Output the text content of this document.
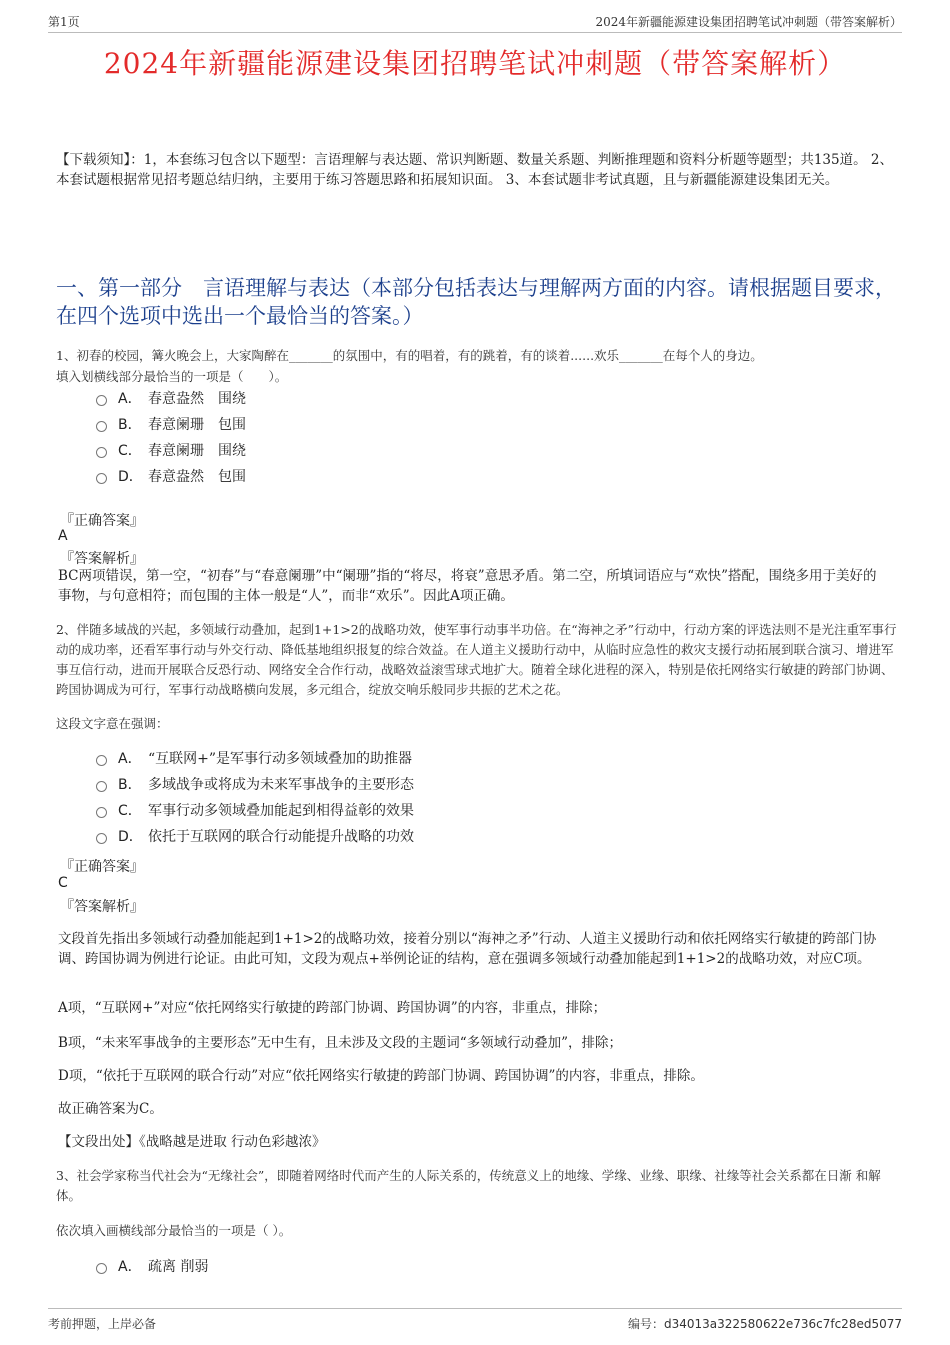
第1页	2024年新疆能源建设集团招聘笔试冲刺题（带答案解析）
2024年新疆能源建设集团招聘笔试冲刺题（带答案解析）
【下载须知】：1，本套练习包含以下题型：言语理解与表达题、常识判断题、数量关系题、判断推理题和资料分析题等题型；共135道。 2、本套试题根据常见招考题总结归纳，主要用于练习答题思路和拓展知识面。 3、本套试题非考试真题，且与新疆能源建设集团无关。
一、第一部分　言语理解与表达（本部分包括表达与理解两方面的内容。请根据题目要求，在四个选项中选出一个最恰当的答案。）
1、初春的校园，篝火晚会上，大家陶醉在_______的氛围中，有的唱着，有的跳着，有的谈着......欢乐_______在每个人的身边。
填入划横线部分最恰当的一项是（　　）。
A． 春意盎然　围绕
B． 春意阑珊　包围
C． 春意阑珊　围绕
D． 春意盎然　包围
『正确答案』
A
『答案解析』
BC两项错误，第一空，“初春”与“春意阑珊”中“阑珊”指的“将尽，将衰”意思矛盾。第二空，所填词语应与“欢快”搭配，围绕多用于美好的事物，与句意相符；而包围的主体一般是“人”，而非“欢乐”。因此A项正确。
2、伴随多域战的兴起，多领域行动叠加，起到1+1>2的战略功效，使军事行动事半功倍。在“海神之矛”行动中，行动方案的评选法则不是光注重军事行动的成功率，还看军事行动与外交行动、降低基地组织报复的综合效益。在人道主义援助行动中，从临时应急性的救灾支援行动拓展到联合演习、增进军事互信行动，进而开展联合反恐行动、网络安全合作行动，战略效益滚雪球式地扩大。随着全球化进程的深入，特别是依托网络实行敏捷的跨部门协调、跨国协调成为可行，军事行动战略横向发展，多元组合，绽放交响乐般同步共振的艺术之花。
这段文字意在强调：
A． “互联网+”是军事行动多领域叠加的助推器
B． 多域战争或将成为未来军事战争的主要形态
C． 军事行动多领域叠加能起到相得益彰的效果
D． 依托于互联网的联合行动能提升战略的功效
『正确答案』
C
『答案解析』
文段首先指出多领域行动叠加能起到1+1>2的战略功效，接着分别以“海神之矛”行动、人道主义援助行动和依托网络实行敏捷的跨部门协调、跨国协调为例进行论证。由此可知，文段为观点+举例论证的结构，意在强调多领域行动叠加能起到1+1>2的战略功效，对应C项。
A项，“互联网+”对应“依托网络实行敏捷的跨部门协调、跨国协调”的内容，非重点，排除；
B项，“未来军事战争的主要形态”无中生有，且未涉及文段的主题词“多领域行动叠加”，排除；
D项，“依托于互联网的联合行动”对应“依托网络实行敏捷的跨部门协调、跨国协调”的内容，非重点，排除。
故正确答案为C。
【文段出处】《战略越是进取 行动色彩越浓》
3、社会学家称当代社会为“无缘社会”，即随着网络时代而产生的人际关系的，传统意义上的地缘、学缘、业缘、职缘、社缘等社会关系都在日渐 和解体。
依次填入画横线部分最恰当的一项是（ ）。
A． 疏离 削弱
考前押题，上岸必备	编号：d34013a322580622e736c7fc28ed5077
